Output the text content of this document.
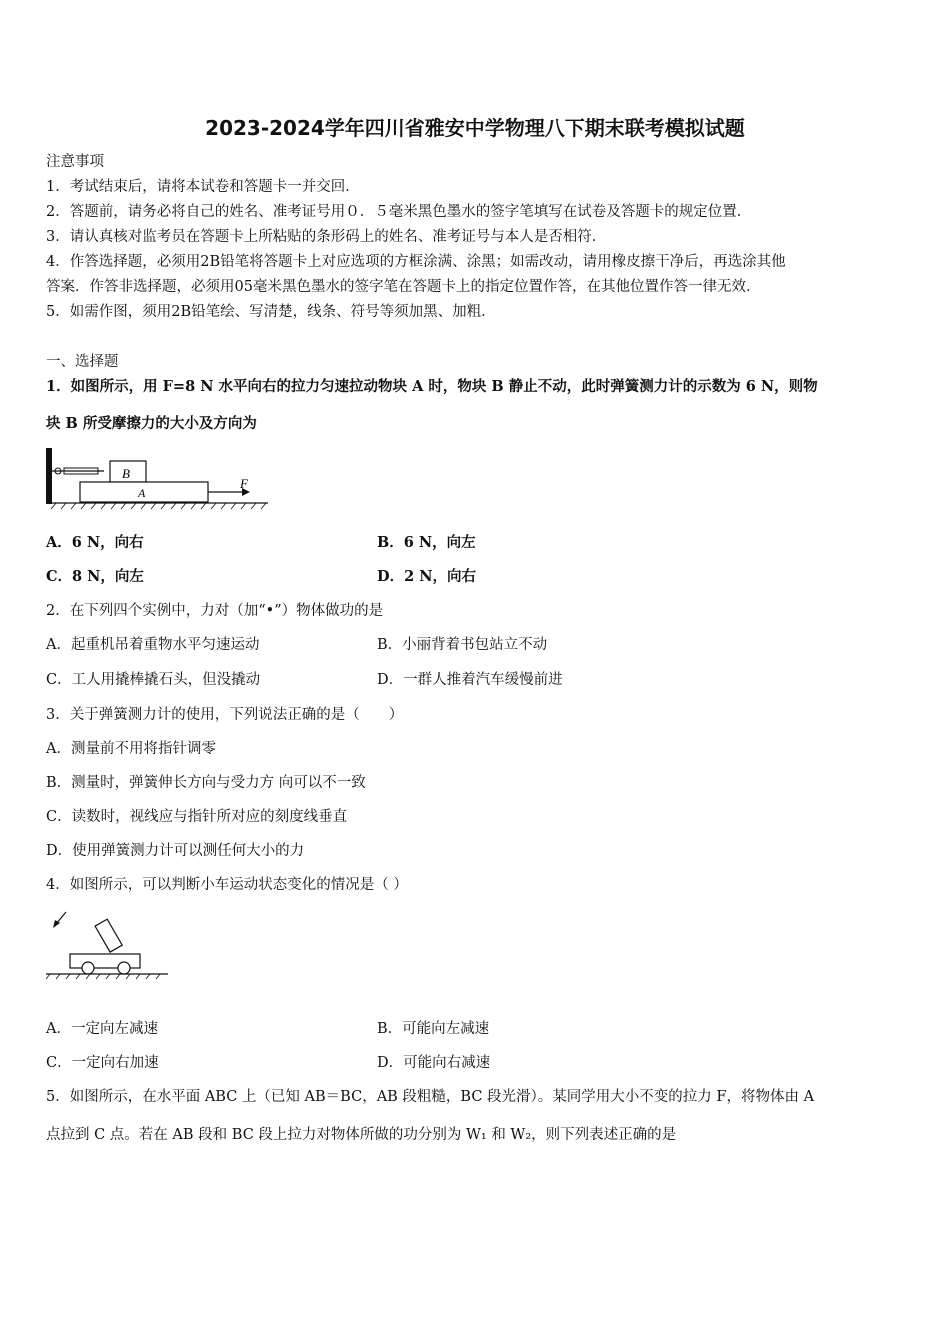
2023-2024学年四川省雅安中学物理八下期末联考模拟试题
注意事项
1．考试结束后，请将本试卷和答题卡一并交回．
2．答题前，请务必将自己的姓名、准考证号用０．５毫米黑色墨水的签字笔填写在试卷及答题卡的规定位置．
3．请认真核对监考员在答题卡上所粘贴的条形码上的姓名、准考证号与本人是否相符．
4．作答选择题，必须用2B铅笔将答题卡上对应选项的方框涂满、涂黑；如需改动，请用橡皮擦干净后，再选涂其他
答案．作答非选择题，必须用05毫米黑色墨水的签字笔在答题卡上的指定位置作答，在其他位置作答一律无效．
5．如需作图，须用2B铅笔绘、写清楚，线条、符号等须加黑、加粗．
一、选择题
1．如图所示，用 F=8 N 水平向右的拉力匀速拉动物块 A 时，物块 B 静止不动，此时弹簧测力计的示数为 6 N，则物
块 B 所受摩擦力的大小及方向为
B
A
F
A．6 N，向右	B．6 N，向左
C．8 N，向左	D．2 N，向右
2．在下列四个实例中，力对（加“•”）物体做功的是
A．起重机吊着重物水平匀速运动	B．小丽背着书包站立不动
C．工人用撬棒撬石头，但没撬动	D．一群人推着汽车缓慢前进
3．关于弹簧测力计的使用，下列说法正确的是（　　）
A．测量前不用将指针调零
B．测量时，弹簧伸长方向与受力方 向可以不一致
C．读数时，视线应与指针所对应的刻度线垂直
D．使用弹簧测力计可以测任何大小的力
4．如图所示，可以判断小车运动状态变化的情况是（ ）
A．一定向左减速	B．可能向左减速
C．一定向右加速	D．可能向右减速
5．如图所示，在水平面 ABC 上（已知 AB＝BC，AB 段粗糙，BC 段光滑）。某同学用大小不变的拉力 F，将物体由 A
点拉到 C 点。若在 AB 段和 BC 段上拉力对物体所做的功分别为 W₁ 和 W₂，则下列表述正确的是
